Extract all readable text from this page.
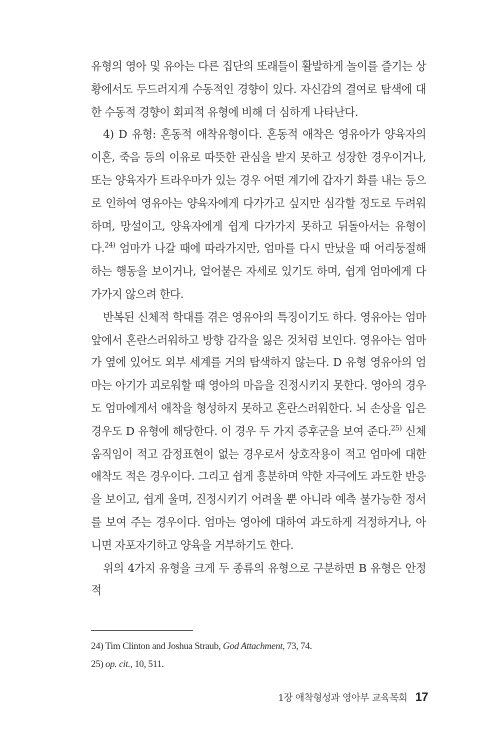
유형의 영아 및 유아는 다른 집단의 또래들이 활발하게 놀이를 즐기는 상황에서도 두드러지게 수동적인 경향이 있다. 자신감의 결여로 탐색에 대한 수동적 경향이 회피적 유형에 비해 더 심하게 나타난다.

4) D 유형: 혼동적 애착유형이다. 혼동적 애착은 영유아가 양육자의 이혼, 죽음 등의 이유로 따뜻한 관심을 받지 못하고 성장한 경우이거나, 또는 양육자가 트라우마가 있는 경우 어떤 계기에 갑자기 화를 내는 등으로 인하여 영유아는 양육자에게 다가가고 싶지만 심각할 정도로 두려워하며, 망설이고, 양육자에게 쉽게 다가가지 못하고 뒤돌아서는 유형이다.$^{24)}$ 엄마가 나갈 때에 따라가지만, 엄마를 다시 만났을 때 어리둥절해 하는 행동을 보이거나, 얼어붙은 자세로 있기도 하며, 쉽게 엄마에게 다가가지 않으려 한다.

반복된 신체적 학대를 겪은 영유아의 특징이기도 하다. 영유아는 엄마 앞에서 혼란스러워하고 방향 감각을 잃은 것처럼 보인다. 영유아는 엄마가 옆에 있어도 외부 세계를 거의 탐색하지 않는다. D 유형 영유아의 엄마는 아기가 괴로워할 때 영아의 마음을 진정시키지 못한다. 영아의 경우도 엄마에게서 애착을 형성하지 못하고 혼란스러워한다. 뇌 손상을 입은 경우도 D 유형에 해당한다. 이 경우 두 가지 증후군을 보여 준다.$^{25)}$ 신체 움직임이 적고 감정표현이 없는 경우로서 상호작용이 적고 엄마에 대한 애착도 적은 경우이다. 그리고 쉽게 흥분하며 약한 자극에도 과도한 반응을 보이고, 쉽게 울며, 진정시키기 어려울 뿐 아니라 예측 불가능한 정서를 보여 주는 경우이다. 엄마는 영아에 대하여 과도하게 걱정하거나, 아니면 자포자기하고 양육을 거부하기도 한다.

위의 4가지 유형을 크게 두 종류의 유형으로 구분하면 B 유형은 안정적

24) Tim Clinton and Joshua Straub, God Attachment, 73, 74.

25) op. cit., 10, 511.

1장 애착형성과 영아부 교육목회 17
